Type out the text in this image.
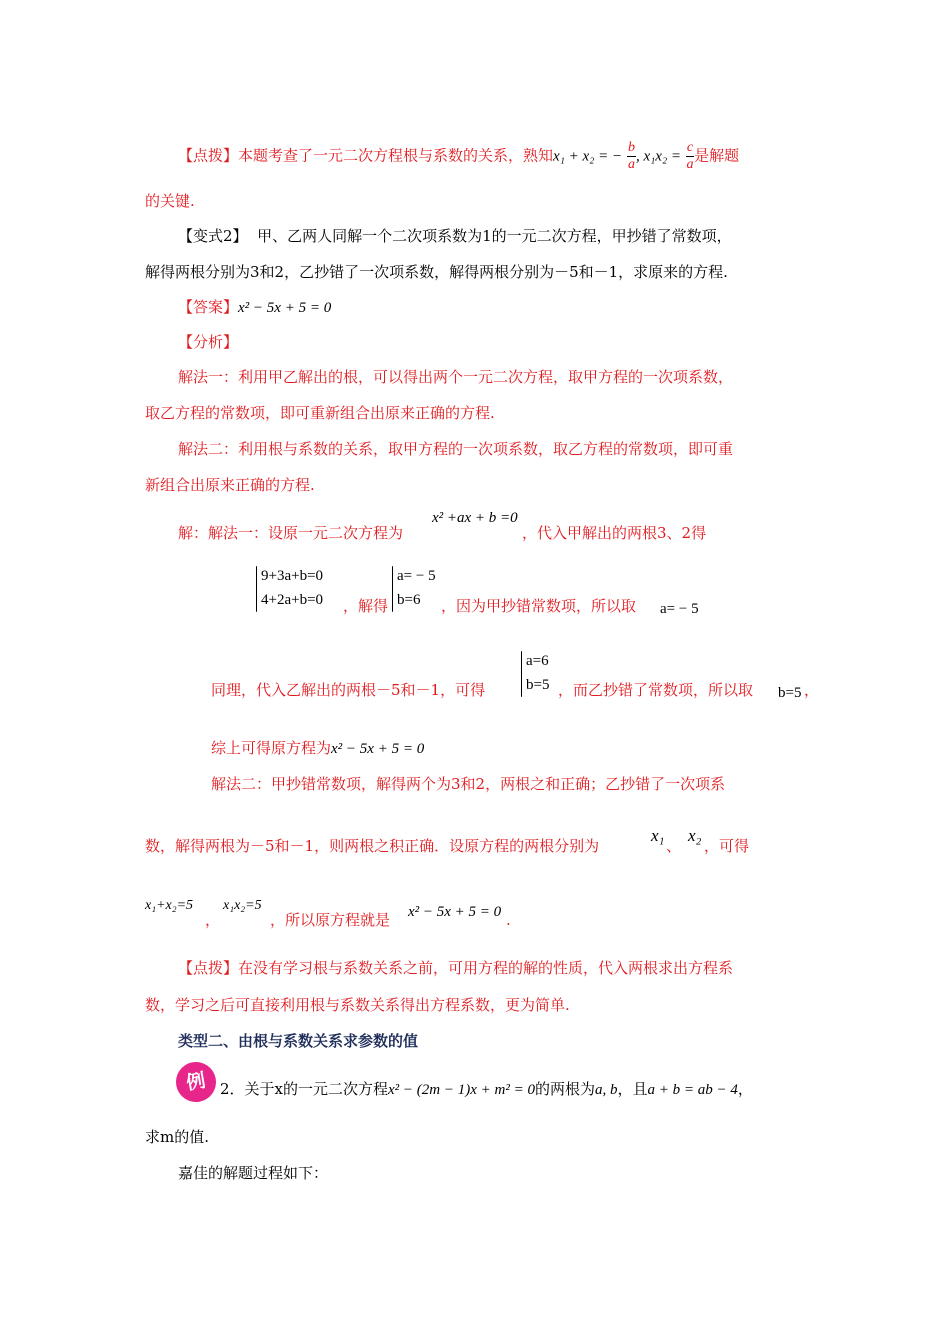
【点拨】本题考查了一元二次方程根与系数的关系，熟知x₁ + x₂ = − $\frac{b}{a}$ , $x_1x_2 = \frac{c}{a}$ 是解题
的关键.
【变式2】 甲、乙两人同解一个二次项系数为1的一元二次方程，甲抄错了常数项，
解得两根分别为3和2，乙抄错了一次项系数，解得两根分别为－5和－1，求原来的方程.
【答案】x² − 5x + 5 = 0
【分析】
解法一：利用甲乙解出的根，可以得出两个一元二次方程，取甲方程的一次项系数，
取乙方程的常数项，即可重新组合出原来正确的方程.
解法二：利用根与系数的关系，取甲方程的一次项系数，取乙方程的常数项，即可重
新组合出原来正确的方程.
解：解法一：设原一元二次方程为
x² +ax + b =0
，代入甲解出的两根3、2得
9+3a+b=0
4+2a+b=0 ，解得
a= − 5
b=6	，因为甲抄错常数项，所以取 a= − 5
a=6
b=5
同理，代入乙解出的两根－5和－1，可得	，而乙抄错了常数项，所以取 b=5 ，
综上可得原方程为x² − 5x + 5 = 0
解法二：甲抄错常数项，解得两个为3和2，两根之和正确；乙抄错了一次项系
数，解得两根为－5和－1，则两根之积正确．设原方程的两根分别为
x₁
、
x₂
，可得
x₁+x₂=5
，
x₁x₂=5
，所以原方程就是 x² − 5x + 5 = 0 .
【点拨】在没有学习根与系数关系之前，可用方程的解的性质，代入两根求出方程系
数，学习之后可直接利用根与系数关系得出方程系数，更为简单.
类型二、由根与系数关系求参数的值
例 2．关于x的一元二次方程x² − (2m − 1)x + m² = 0的两根为a, b，且a + b = ab − 4，
求m的值.
嘉佳的解题过程如下：
